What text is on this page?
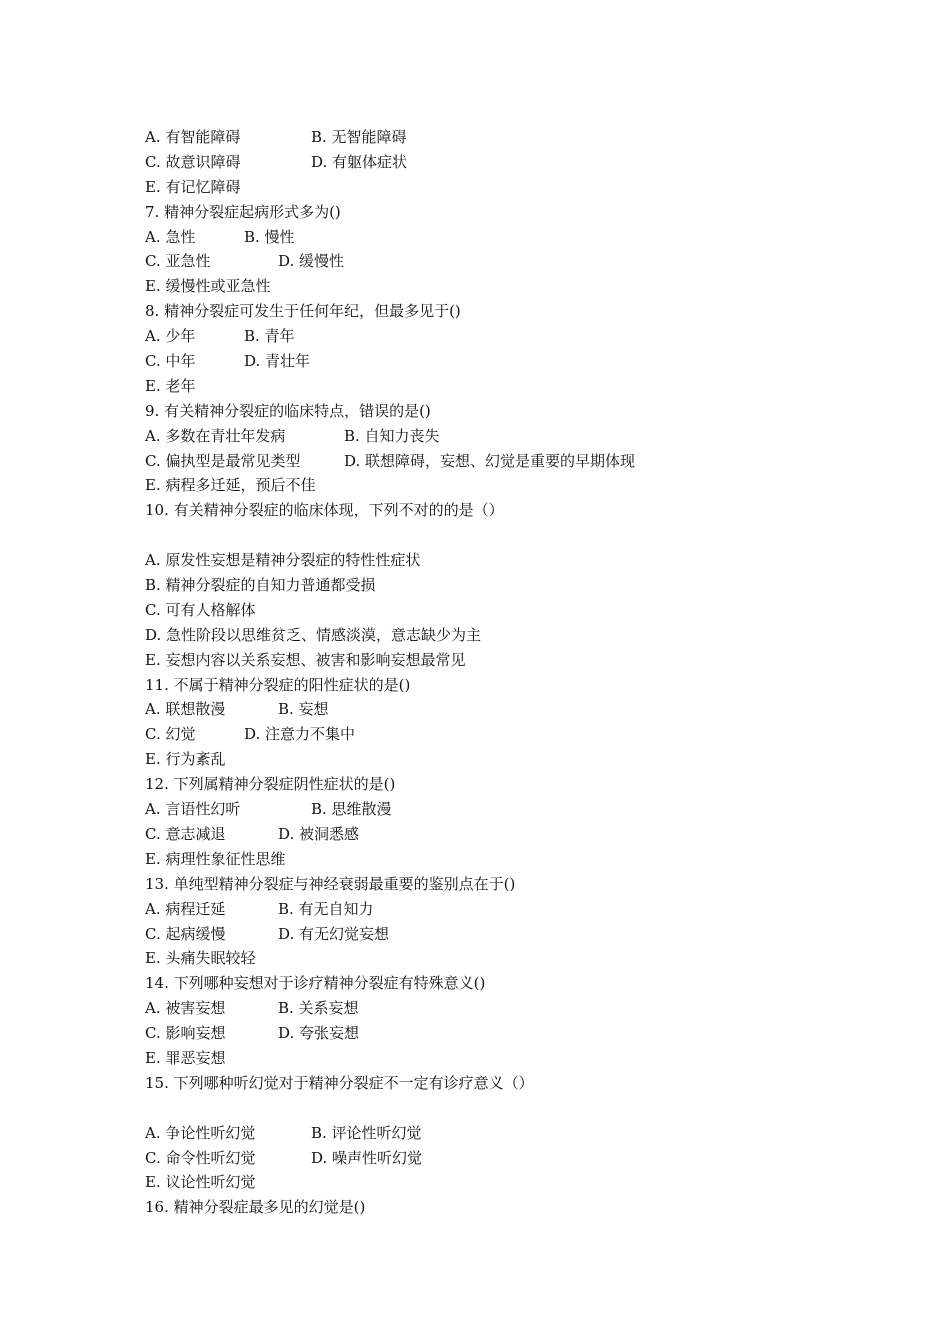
A. 有智能障碍	B. 无智能障碍
C. 故意识障碍	D. 有躯体症状
E. 有记忆障碍
7. 精神分裂症起病形式多为()
A. 急性	B. 慢性
C. 亚急性	D. 缓慢性
E. 缓慢性或亚急性
8. 精神分裂症可发生于任何年纪，但最多见于()
A. 少年	B. 青年
C. 中年	D. 青壮年
E. 老年
9. 有关精神分裂症的临床特点，错误的是()
A. 多数在青壮年发病	B. 自知力丧失
C. 偏执型是最常见类型	D. 联想障碍，妄想、幻觉是重要的早期体现
E. 病程多迁延，预后不佳
10. 有关精神分裂症的临床体现，下列不对的的是（）
A. 原发性妄想是精神分裂症的特性性症状
B. 精神分裂症的自知力普通都受损
C. 可有人格解体
D. 急性阶段以思维贫乏、情感淡漠，意志缺少为主
E. 妄想内容以关系妄想、被害和影响妄想最常见
11. 不属于精神分裂症的阳性症状的是()
A. 联想散漫	B. 妄想
C. 幻觉	D. 注意力不集中
E. 行为紊乱
12. 下列属精神分裂症阴性症状的是()
A. 言语性幻听	B. 思维散漫
C. 意志减退	D. 被洞悉感
E. 病理性象征性思维
13. 单纯型精神分裂症与神经衰弱最重要的鉴别点在于()
A. 病程迁延	B. 有无自知力
C. 起病缓慢	D. 有无幻觉妄想
E. 头痛失眠较轻
14. 下列哪种妄想对于诊疗精神分裂症有特殊意义()
A. 被害妄想	B. 关系妄想
C. 影响妄想	D. 夸张妄想
E. 罪恶妄想
15. 下列哪种听幻觉对于精神分裂症不一定有诊疗意义（）
A. 争论性听幻觉	B. 评论性听幻觉
C. 命令性听幻觉	D. 噪声性听幻觉
E. 议论性听幻觉
16. 精神分裂症最多见的幻觉是()
